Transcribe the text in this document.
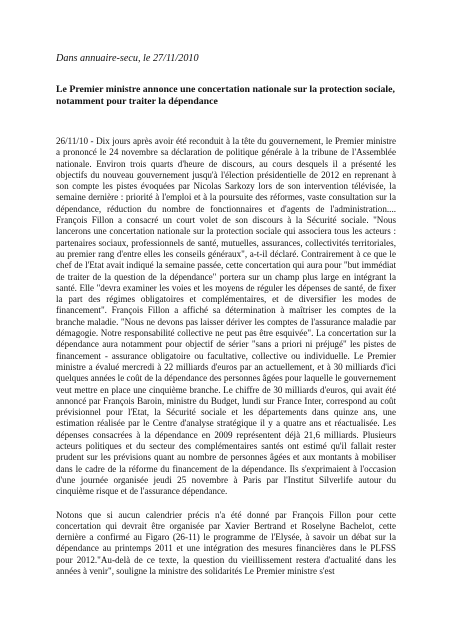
Dans annuaire-secu, le 27/11/2010
Le Premier ministre annonce une concertation nationale sur la protection sociale, notamment pour traiter la dépendance
26/11/10 - Dix jours après avoir été reconduit à la tête du gouvernement, le Premier ministre a prononcé le 24 novembre sa déclaration de politique générale à la tribune de l'Assemblée nationale. Environ trois quarts d'heure de discours, au cours desquels il a présenté les objectifs du nouveau gouvernement jusqu'à l'élection présidentielle de 2012 en reprenant à son compte les pistes évoquées par Nicolas Sarkozy lors de son intervention télévisée, la semaine dernière : priorité à l'emploi et à la poursuite des réformes, vaste consultation sur la dépendance, réduction du nombre de fonctionnaires et d'agents de l'administration.... François Fillon a consacré un court volet de son discours à la Sécurité sociale. "Nous lancerons une concertation nationale sur la protection sociale qui associera tous les acteurs : partenaires sociaux, professionnels de santé, mutuelles, assurances, collectivités territoriales, au premier rang d'entre elles les conseils généraux", a-t-il déclaré. Contrairement à ce que le chef de l'Etat avait indiqué la semaine passée, cette concertation qui aura pour "but immédiat de traiter de la question de la dépendance" portera sur un champ plus large en intégrant la santé. Elle "devra examiner les voies et les moyens de réguler les dépenses de santé, de fixer la part des régimes obligatoires et complémentaires, et de diversifier les modes de financement". François Fillon a affiché sa détermination à maîtriser les comptes de la branche maladie. "Nous ne devons pas laisser dériver les comptes de l'assurance maladie par démagogie. Notre responsabilité collective ne peut pas être esquivée". La concertation sur la dépendance aura notamment pour objectif de sérier "sans a priori ni préjugé" les pistes de financement - assurance obligatoire ou facultative, collective ou individuelle. Le Premier ministre a évalué mercredi à 22 milliards d'euros par an actuellement, et à 30 milliards d'ici quelques années le coût de la dépendance des personnes âgées pour laquelle le gouvernement veut mettre en place une cinquième branche. Le chiffre de 30 milliards d'euros, qui avait été annoncé par François Baroin, ministre du Budget, lundi sur France Inter, correspond au coût prévisionnel pour l'Etat, la Sécurité sociale et les départements dans quinze ans, une estimation réalisée par le Centre d'analyse stratégique il y a quatre ans et réactualisée. Les dépenses consacrées à la dépendance en 2009 représentent déjà 21,6 milliards. Plusieurs acteurs politiques et du secteur des complémentaires santés ont estimé qu'il fallait rester prudent sur les prévisions quant au nombre de personnes âgées et aux montants à mobiliser dans le cadre de la réforme du financement de la dépendance. Ils s'exprimaient à l'occasion d'une journée organisée jeudi 25 novembre à Paris par l'Institut Silverlife autour du cinquième risque et de l'assurance dépendance.
Notons que si aucun calendrier précis n'a été donné par François Fillon pour cette concertation qui devrait être organisée par Xavier Bertrand et Roselyne Bachelot, cette dernière a confirmé au Figaro (26-11) le programme de l'Elysée, à savoir un débat sur la dépendance au printemps 2011 et une intégration des mesures financières dans le PLFSS pour 2012."Au-delà de ce texte, la question du vieillissement restera d'actualité dans les années à venir", souligne la ministre des solidarités Le Premier ministre s'est
